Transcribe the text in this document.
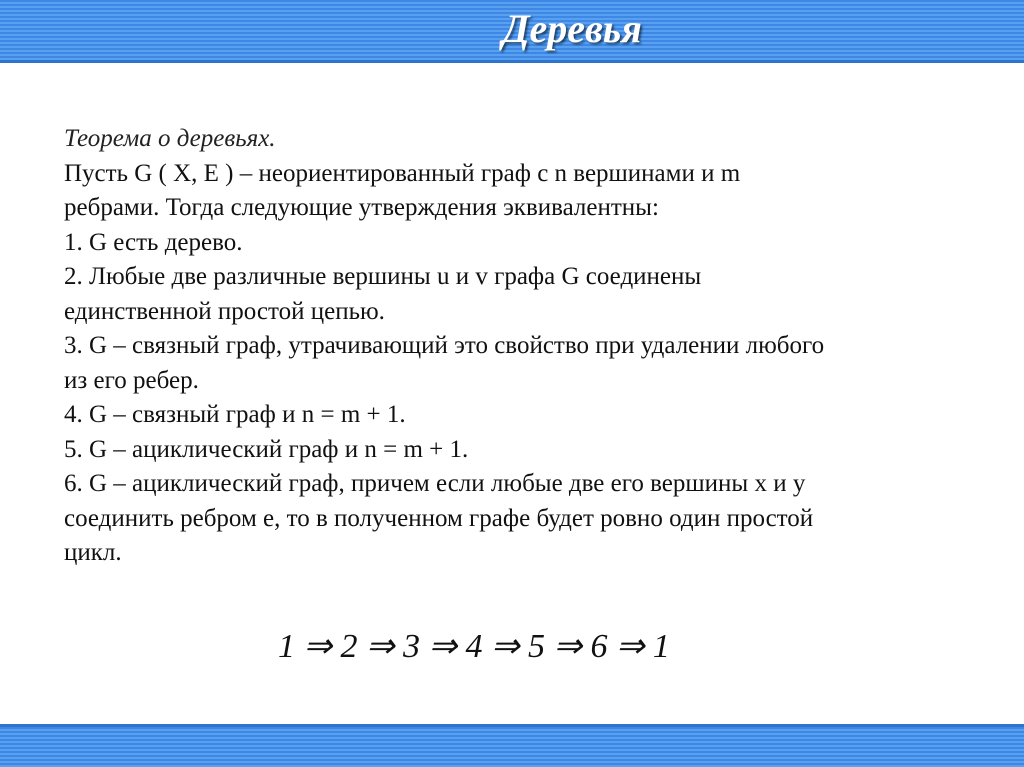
Деревья

Теорема о деревьях.

Пусть G ( X, E ) – неориентированный граф с n вершинами и m

ребрами. Тогда следующие утверждения эквивалентны:

1. G есть дерево.

2. Любые две различные вершины u и v графа G соединены

единственной простой цепью.

3. G – связный граф, утрачивающий это свойство при удалении любого

из его ребер.

4. G – связный граф и n = m + 1.

5. G – ациклический граф и n = m + 1.

6. G – ациклический граф, причем если любые две его вершины x и y

соединить ребром e, то в полученном графе будет ровно один простой

цикл.

1 ⇒ 2 ⇒ 3 ⇒ 4 ⇒ 5 ⇒ 6 ⇒ 1
